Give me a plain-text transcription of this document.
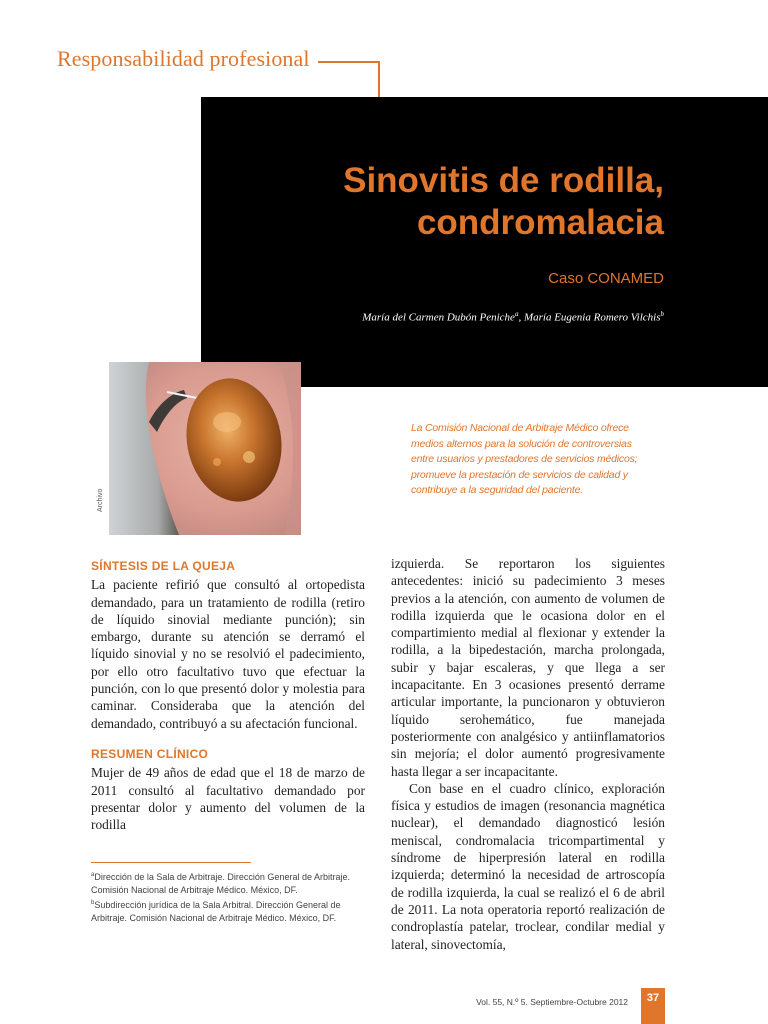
Responsabilidad profesional
Sinovitis de rodilla,
condromalacia
Caso CONAMED
María del Carmen Dubón Peniche$^a$, María Eugenia Romero Vilchis$^b$
Archivo

La Comisión Nacional de Arbitraje Médico ofrece medios alternos para la solución de controversias entre usuarios y prestadores de servicios médicos; promueve la prestación de servicios de calidad y contribuye a la seguridad del paciente.

SÍNTESIS DE LA QUEJA

La paciente refirió que consultó al ortopedista demandado, para un tratamiento de rodilla (retiro de líquido sinovial mediante punción); sin embargo, durante su atención se derramó el líquido sinovial y no se resolvió el padecimiento, por ello otro facultativo tuvo que efectuar la punción, con lo que presentó dolor y molestia para caminar. Consideraba que la atención del demandado, contribuyó a su afectación funcional.

RESUMEN CLÍNICO

Mujer de 49 años de edad que el 18 de marzo de 2011 consultó al facultativo demandado por presentar dolor y aumento del volumen de la rodilla

izquierda. Se reportaron los siguientes antecedentes: inició su padecimiento 3 meses previos a la atención, con aumento de volumen de rodilla izquierda que le ocasiona dolor en el compartimiento medial al flexionar y extender la rodilla, a la bipedestación, marcha prolongada, subir y bajar escaleras, y que llega a ser incapacitante. En 3 ocasiones presentó derrame articular importante, la puncionaron y obtuvieron líquido serohemático, fue manejada posteriormente con analgésico y antiinflamatorios sin mejoría; el dolor aumentó progresivamente hasta llegar a ser incapacitante.

Con base en el cuadro clínico, exploración física y estudios de imagen (resonancia magnética nuclear), el demandado diagnosticó lesión meniscal, condromalacia tricompartimental y síndrome de hiperpresión lateral en rodilla izquierda; determinó la necesidad de artroscopía de rodilla izquierda, la cual se realizó el 6 de abril de 2011. La nota operatoria reportó realización de condroplastía patelar, troclear, condilar medial y lateral, sinovectomía,

$^a$Dirección de la Sala de Arbitraje. Dirección General de Arbitraje. Comisión Nacional de Arbitraje Médico. México, DF.

$^b$Subdirección jurídica de la Sala Arbitral. Dirección General de Arbitraje. Comisión Nacional de Arbitraje Médico. México, DF.

Vol. 55, N.º 5. Septiembre-Octubre 2012	37
